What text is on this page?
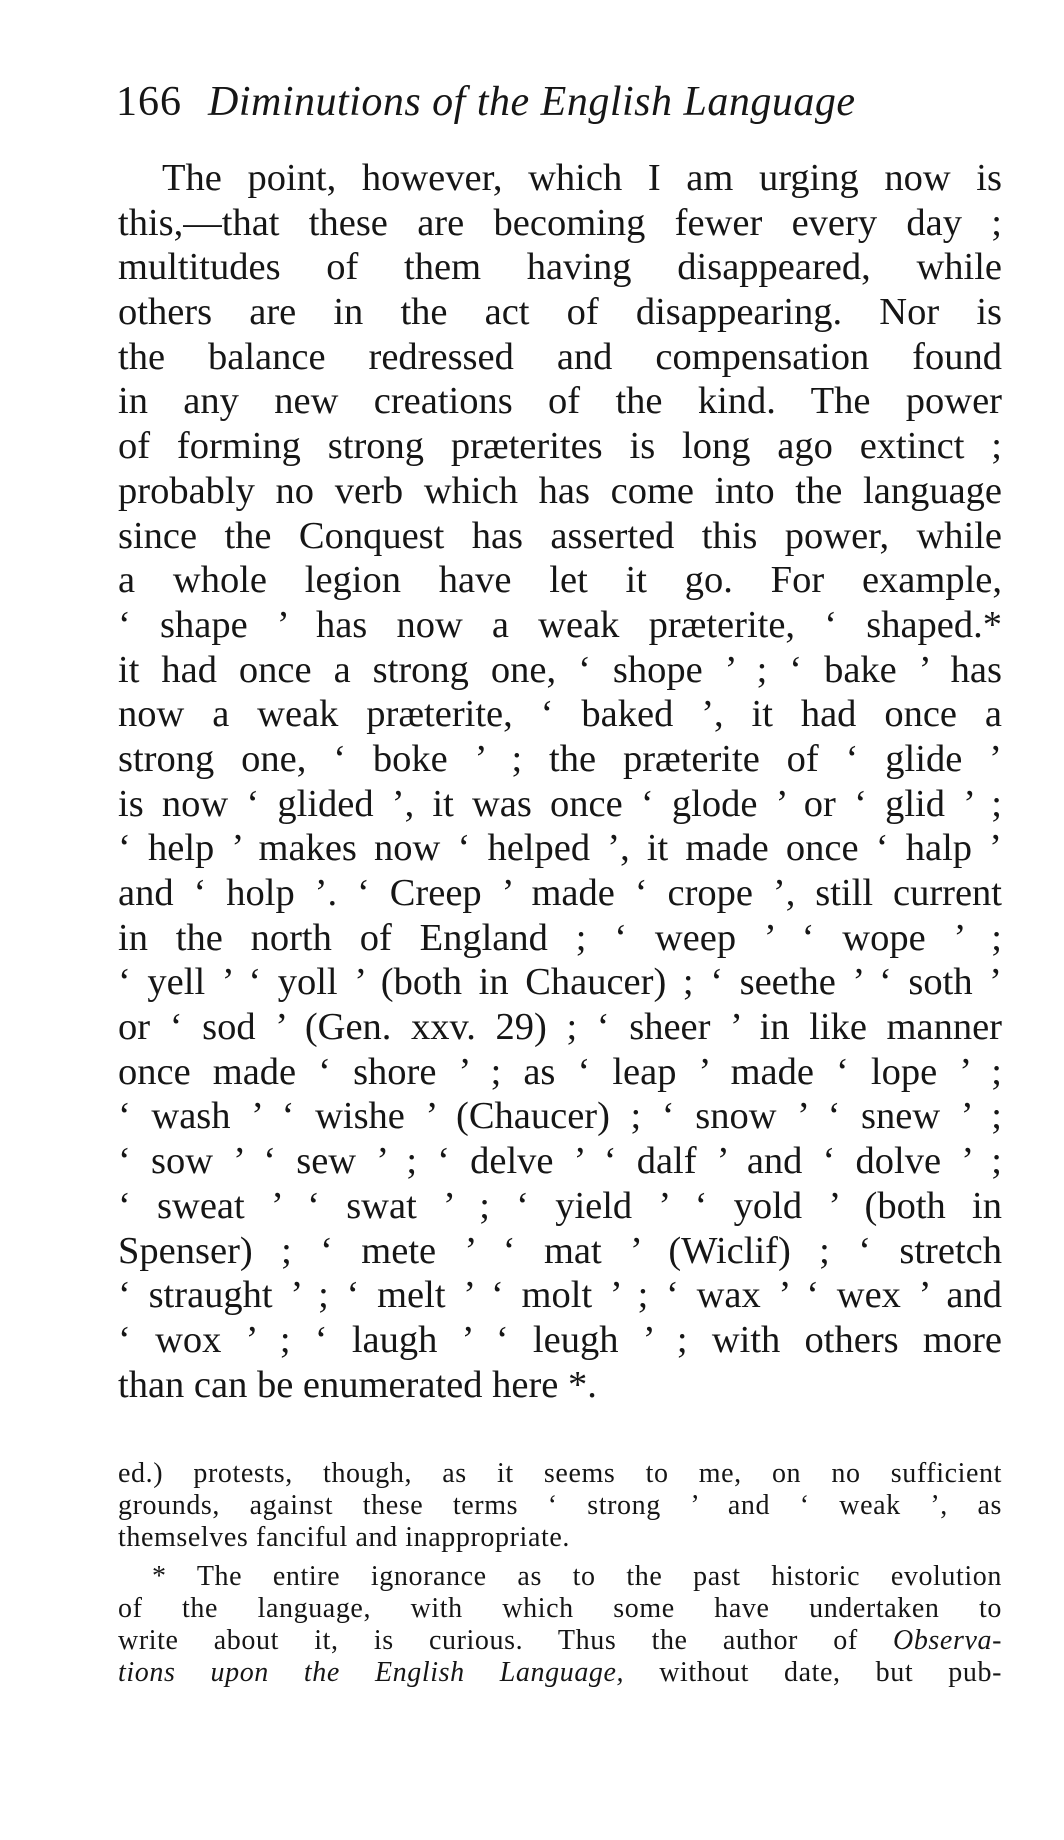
166 Diminutions of the English Language
The point, however, which I am urging now is
this,—that these are becoming fewer every day ;
multitudes of them having disappeared, while
others are in the act of disappearing. Nor is
the balance redressed and compensation found
in any new creations of the kind. The power
of forming strong præterites is long ago extinct ;
probably no verb which has come into the language
since the Conquest has asserted this power, while
a whole legion have let it go. For example,
‘ shape ’ has now a weak præterite, ‘ shaped.*
it had once a strong one, ‘ shope ’ ; ‘ bake ’ has
now a weak præterite, ‘ baked ’, it had once a
strong one, ‘ boke ’ ; the præterite of ‘ glide ’
is now ‘ glided ’, it was once ‘ glode ’ or ‘ glid ’ ;
‘ help ’ makes now ‘ helped ’, it made once ‘ halp ’
and ‘ holp ’. ‘ Creep ’ made ‘ crope ’, still current
in the north of England ; ‘ weep ’ ‘ wope ’ ;
‘ yell ’ ‘ yoll ’ (both in Chaucer) ; ‘ seethe ’ ‘ soth ’
or ‘ sod ’ (Gen. xxv. 29) ; ‘ sheer ’ in like manner
once made ‘ shore ’ ; as ‘ leap ’ made ‘ lope ’ ;
‘ wash ’ ‘ wishe ’ (Chaucer) ; ‘ snow ’ ‘ snew ’ ;
‘ sow ’ ‘ sew ’ ; ‘ delve ’ ‘ dalf ’ and ‘ dolve ’ ;
‘ sweat ’ ‘ swat ’ ; ‘ yield ’ ‘ yold ’ (both in
Spenser) ; ‘ mete ’ ‘ mat ’ (Wiclif) ; ‘ stretch
‘ straught ’ ; ‘ melt ’ ‘ molt ’ ; ‘ wax ’ ‘ wex ’ and
‘ wox ’ ; ‘ laugh ’ ‘ leugh ’ ; with others more
than can be enumerated here *.
ed.) protests, though, as it seems to me, on no sufficient
grounds, against these terms ‘ strong ’ and ‘ weak ’, as
themselves fanciful and inappropriate.
* The entire ignorance as to the past historic evolution
of the language, with which some have undertaken to
write about it, is curious. Thus the author of Observa-
tions upon the English Language, without date, but pub-
